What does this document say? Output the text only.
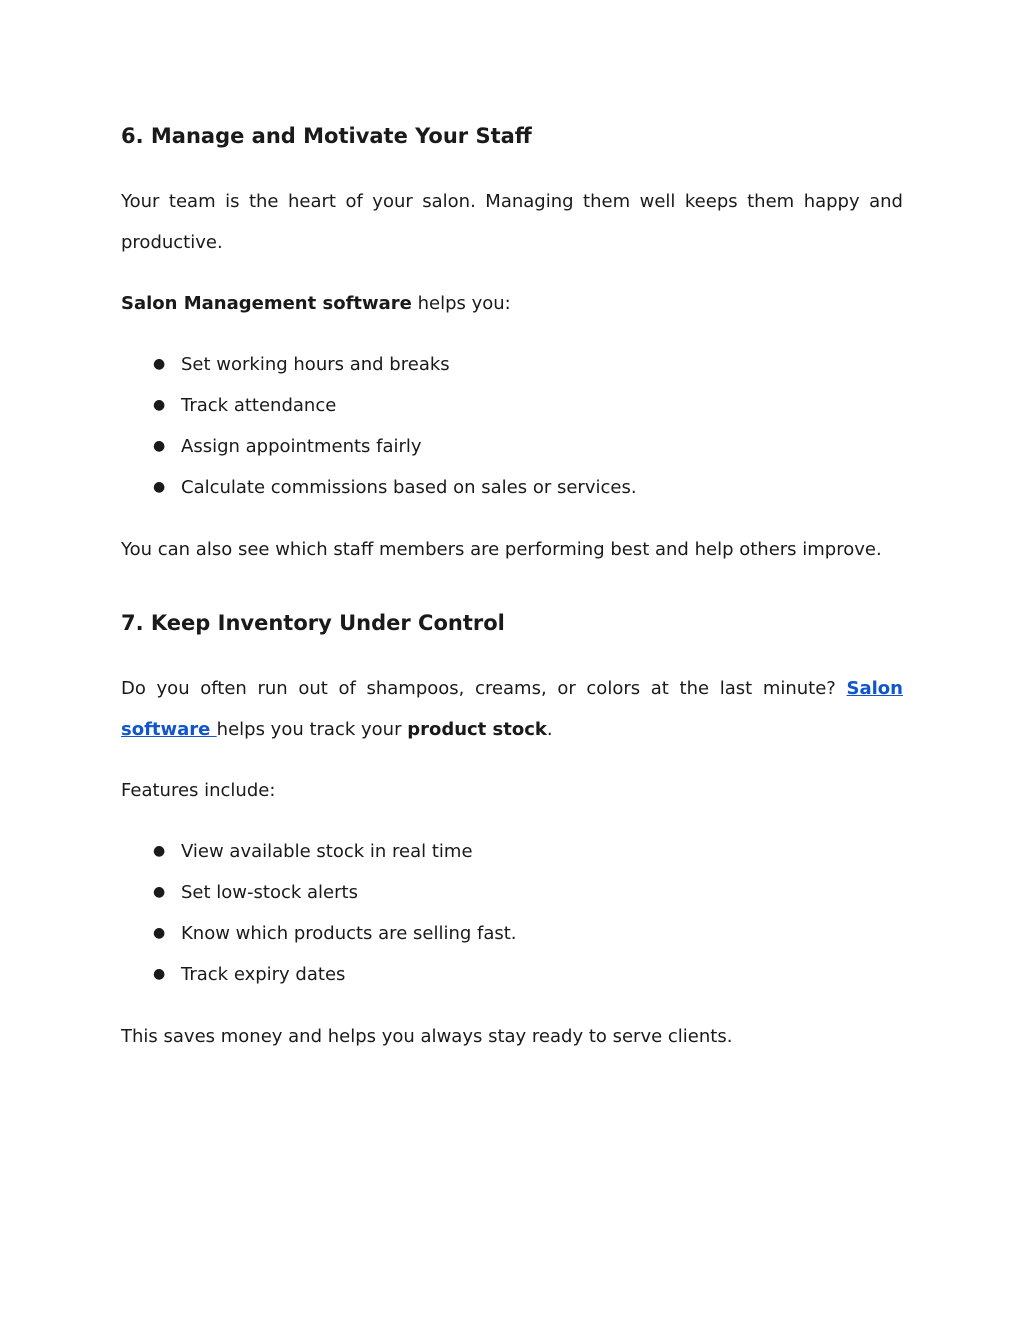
6. Manage and Motivate Your Staff

Your team is the heart of your salon. Managing them well keeps them happy and productive.

Salon Management software helps you:

● Set working hours and breaks
● Track attendance
● Assign appointments fairly
● Calculate commissions based on sales or services.

You can also see which staff members are performing best and help others improve.

7. Keep Inventory Under Control

Do you often run out of shampoos, creams, or colors at the last minute? Salon software helps you track your product stock.

Features include:

● View available stock in real time
● Set low-stock alerts
● Know which products are selling fast.
● Track expiry dates

This saves money and helps you always stay ready to serve clients.
